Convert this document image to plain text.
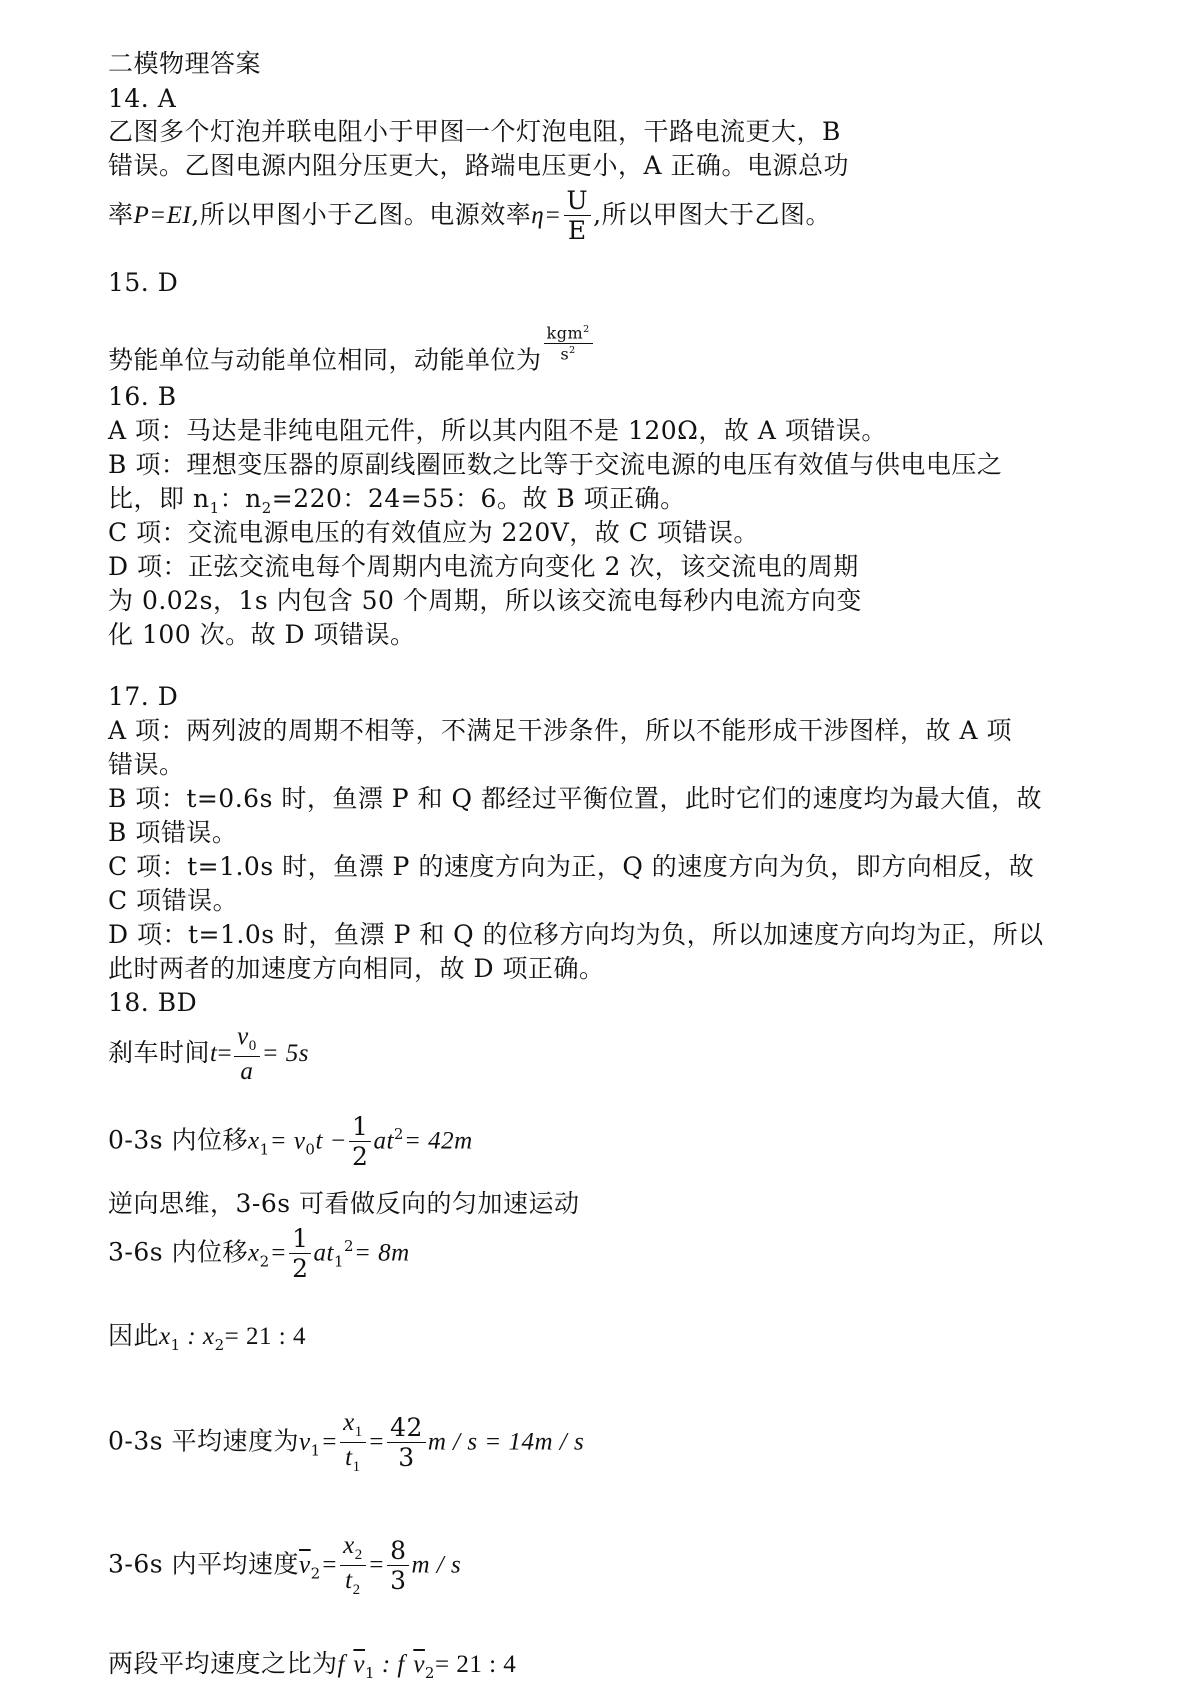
二模物理答案
14. A
乙图多个灯泡并联电阻小于甲图一个灯泡电阻，干路电流更大，B
错误。乙图电源内阻分压更大，路端电压更小，A 正确。电源总功
率P=EI,所以甲图小于乙图。电源效率$\eta= \frac{U}{E}$ ,所以甲图大于乙图。
15. D
势能单位与动能单位相同，动能单位为 $\frac{kgm^2}{s^2}$
16. B
A 项：马达是非纯电阻元件，所以其内阻不是 120Ω，故 A 项错误。
B 项：理想变压器的原副线圈匝数之比等于交流电源的电压有效值与供电电压之
比，即 $n_1$：$n_2=220$：24=55：6。故 B 项正确。
C 项：交流电源电压的有效值应为 220V，故 C 项错误。
D 项：正弦交流电每个周期内电流方向变化 2 次，该交流电的周期
为 0.02s，1s 内包含 50 个周期，所以该交流电每秒内电流方向变
化 100 次。故 D 项错误。
17. D
A 项：两列波的周期不相等，不满足干涉条件，所以不能形成干涉图样，故 A 项
错误。
B 项：t=0.6s 时，鱼漂 P 和 Q 都经过平衡位置，此时它们的速度均为最大值，故
B 项错误。
C 项：t=1.0s 时，鱼漂 P 的速度方向为正，Q 的速度方向为负，即方向相反，故
C 项错误。
D 项：t=1.0s 时，鱼漂 P 和 Q 的位移方向均为负，所以加速度方向均为正，所以
此时两者的加速度方向相同，故 D 项正确。
18. BD
刹车时间$t= \frac{v_0}{a} = 5s$
0-3s 内位移$x_1= v_0t - \frac{1}{2} at^2= 42m$
逆向思维，3-6s 可看做反向的匀加速运动
3-6s 内位移$x_2= \frac{1}{2} at_1^2= 8m$
因此$x_1$ : $x_2= 21$ : 4
0-3s 平均速度为$v_1= \frac{x_1}{t_1} = \frac{42}{3}$ m / s = 14m / s
3-6s 内平均速度$\overline{v}_2= \frac{x_2}{t_2} = \frac{8}{3}$ m / s
两段平均速度之比为f $\overline{v}_1$ : f $\overline{v}_2= 21$ : 4
